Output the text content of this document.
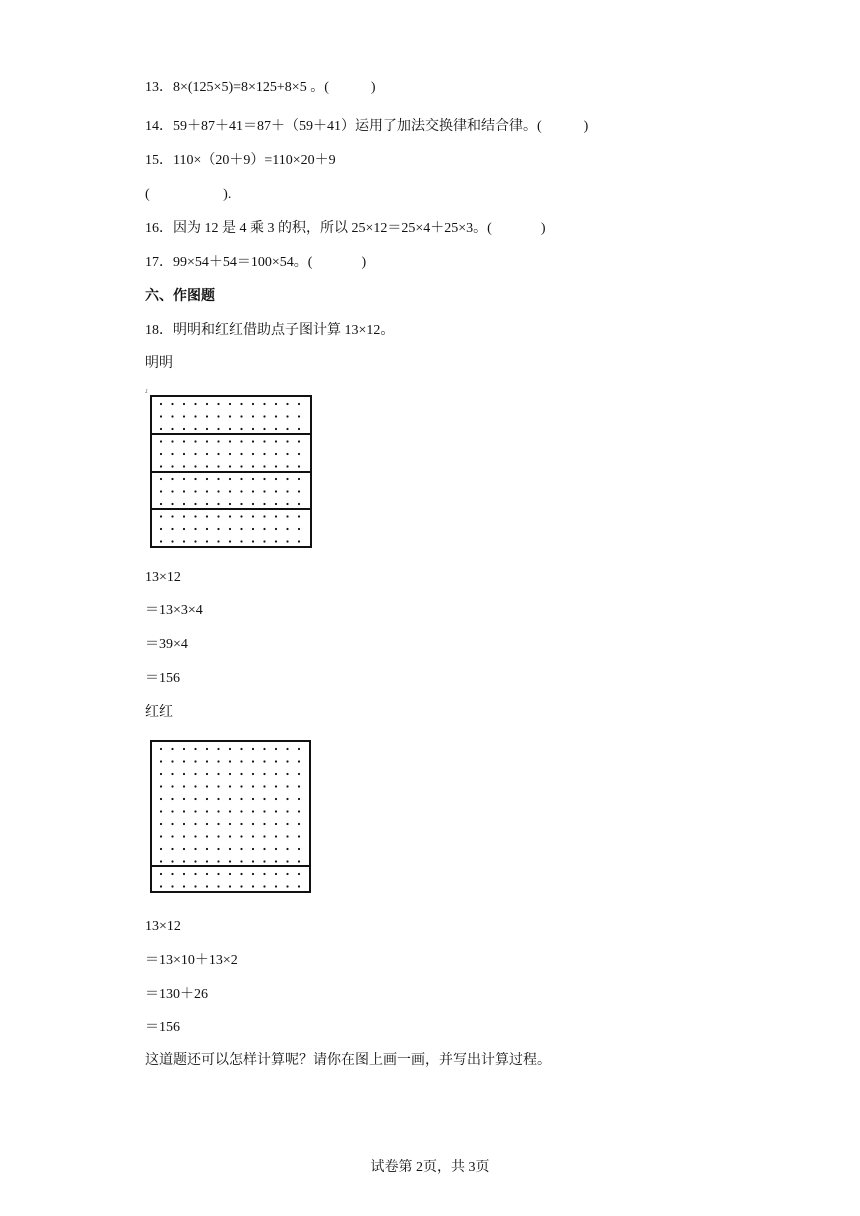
13．8×(125×5)=8×125+8×5 。(            )
14．59＋87＋41＝87＋（59＋41）运用了加法交换律和结合律。(            )
15．110×（20＋9）=110×20＋9
(                     ).
16．因为 12 是 4 乘 3 的积，所以 25×12＝25×4＋25×3。(              )
17．99×54＋54＝100×54。(              )
六、作图题
18．明明和红红借助点子图计算 13×12。
明明
ɹ
13×12
＝13×3×4
＝39×4
＝156
红红
13×12
＝13×10＋13×2
＝130＋26
＝156
这道题还可以怎样计算呢？请你在图上画一画，并写出计算过程。
试卷第 2页，共 3页
